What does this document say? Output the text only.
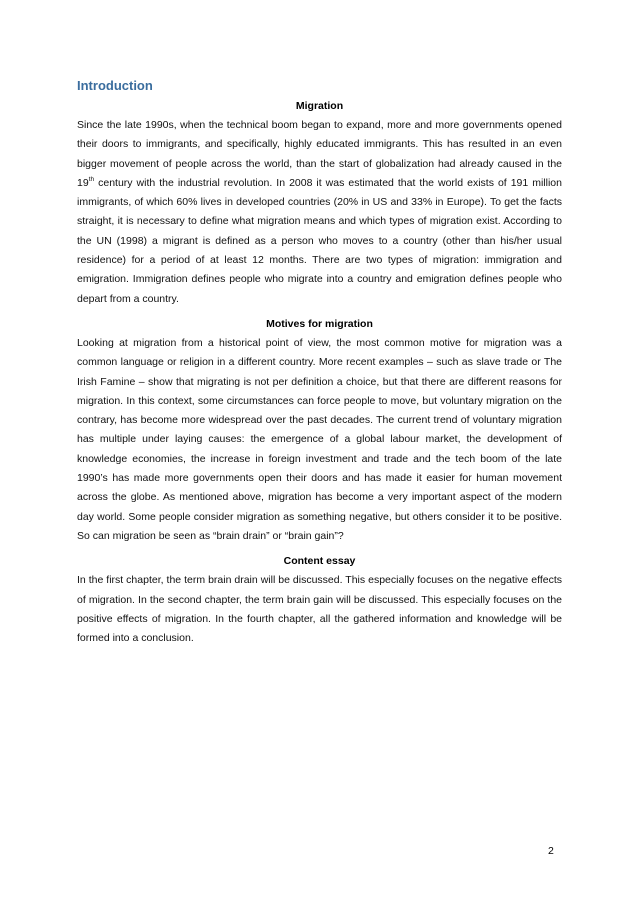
Introduction
Migration

Since the late 1990s, when the technical boom began to expand, more and more governments opened their doors to immigrants, and specifically, highly educated immigrants. This has resulted in an even bigger movement of people across the world, than the start of globalization had already caused in the 19th century with the industrial revolution. In 2008 it was estimated that the world exists of 191 million immigrants, of which 60% lives in developed countries (20% in US and 33% in Europe). To get the facts straight, it is necessary to define what migration means and which types of migration exist. According to the UN (1998) a migrant is defined as a person who moves to a country (other than his/her usual residence) for a period of at least 12 months. There are two types of migration: immigration and emigration. Immigration defines people who migrate into a country and emigration defines people who depart from a country.

Motives for migration

Looking at migration from a historical point of view, the most common motive for migration was a common language or religion in a different country. More recent examples – such as slave trade or The Irish Famine – show that migrating is not per definition a choice, but that there are different reasons for migration. In this context, some circumstances can force people to move, but voluntary migration on the contrary, has become more widespread over the past decades. The current trend of voluntary migration has multiple under laying causes: the emergence of a global labour market, the development of knowledge economies, the increase in foreign investment and trade and the tech boom of the late 1990’s has made more governments open their doors and has made it easier for human movement across the globe. As mentioned above, migration has become a very important aspect of the modern day world. Some people consider migration as something negative, but others consider it to be positive. So can migration be seen as “brain drain” or “brain gain”?

Content essay

In the first chapter, the term brain drain will be discussed. This especially focuses on the negative effects of migration. In the second chapter, the term brain gain will be discussed. This especially focuses on the positive effects of migration. In the fourth chapter, all the gathered information and knowledge will be formed into a conclusion.

2
